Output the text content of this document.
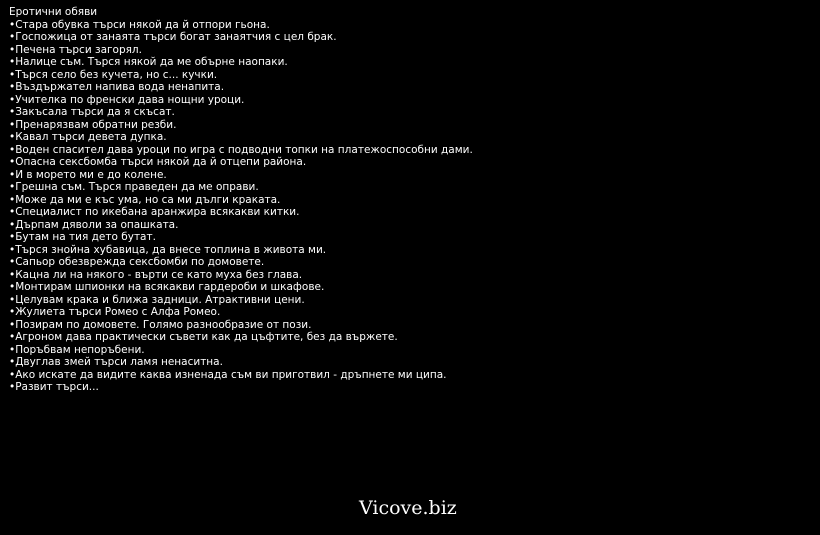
Еротични обяви
•Стара обувка търси някой да й отпори гьона.
•Госпожица от занаята търси богат занаятчия с цел брак.
•Печена търси загорял.
•Налице съм. Търся някой да ме обърне наопаки.
•Търся село без кучета, но с... кучки.
•Въздържател напива вода ненапита.
•Учителка по френски дава нощни уроци.
•Закъсала търси да я скъсат.
•Пренарязвам обратни резби.
•Кавал търси девета дупка.
•Воден спасител дава уроци по игра с подводни топки на платежоспособни дами.
•Опасна сексбомба търси някой да й отцепи района.
•И в морето ми е до колене.
•Грешна съм. Търся праведен да ме оправи.
•Може да ми е къс ума, но са ми дълги краката.
•Специалист по икебана аранжира всякакви китки.
•Дърпам дяволи за опашката.
•Бутам на тия дето бутат.
•Търся знойна хубавица, да внесе топлина в живота ми.
•Сапьор обезврежда сексбомби по домовете.
•Кацна ли на някого - върти се като муха без глава.
•Монтирам шпионки на всякакви гардероби и шкафове.
•Целувам крака и ближа задници. Атрактивни цени.
•Жулиета търси Ромео с Алфа Ромео.
•Позирам по домовете. Голямо разнообразие от пози.
•Агроном дава практически съвети как да цъфтите, без да вържете.
•Поръбвам непоръбени.
•Двуглав змей търси ламя ненаситна.
•Ако искате да видите каква изненада съм ви приготвил - дръпнете ми ципа.
•Развит търси...
Vicove.biz
